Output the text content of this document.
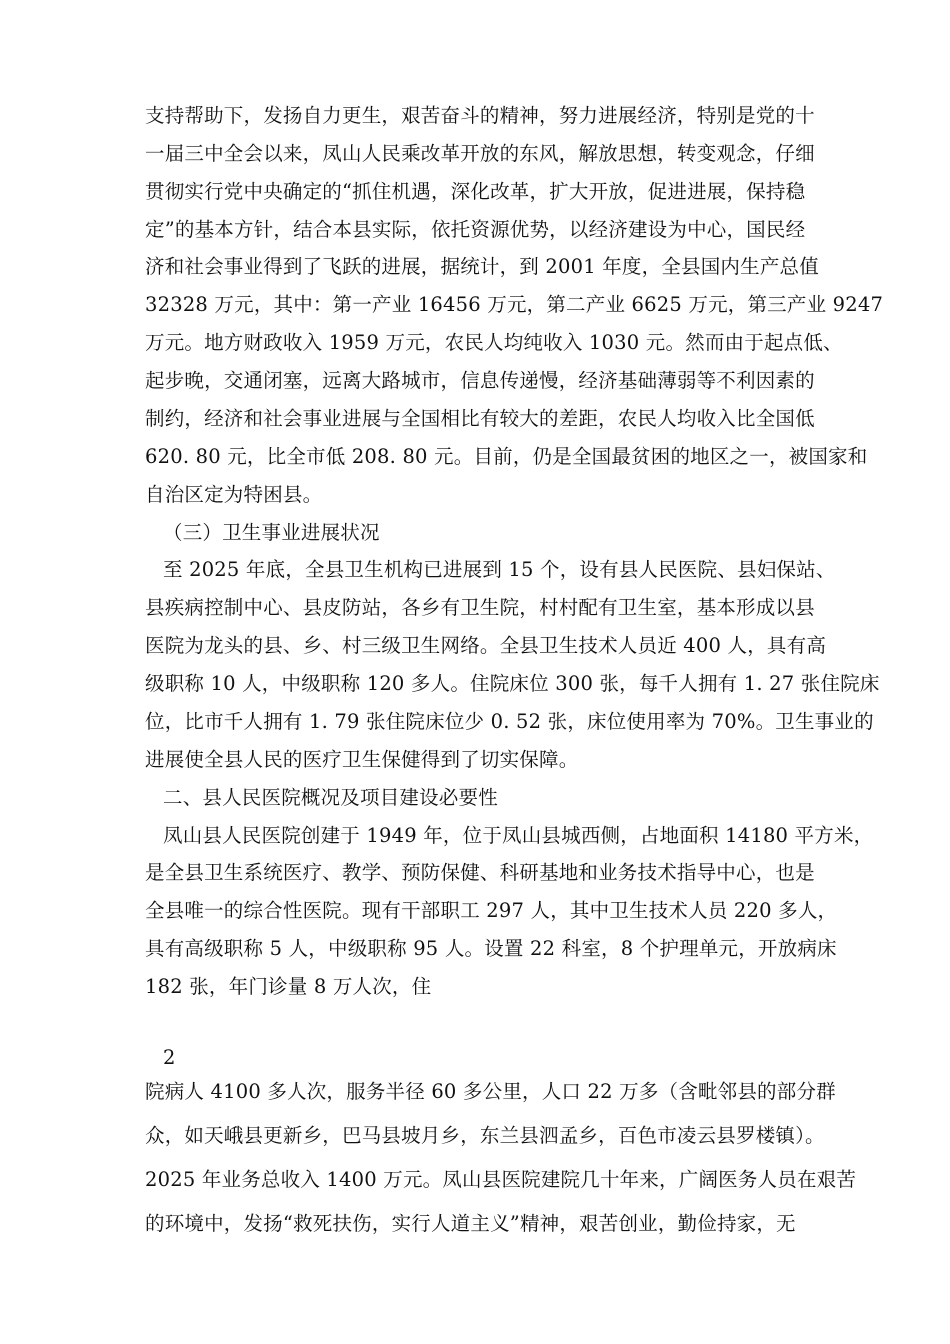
支持帮助下，发扬自力更生，艰苦奋斗的精神，努力进展经济，特别是党的十
一届三中全会以来，凤山人民乘改革开放的东风，解放思想，转变观念，仔细
贯彻实行党中央确定的“抓住机遇，深化改革，扩大开放，促进进展，保持稳
定”的基本方针，结合本县实际，依托资源优势，以经济建设为中心，国民经
济和社会事业得到了飞跃的进展，据统计，到 2001 年度，全县国内生产总值
32328 万元，其中：第一产业 16456 万元，第二产业 6625 万元，第三产业 9247
万元。地方财政收入 1959 万元，农民人均纯收入 1030 元。然而由于起点低、
起步晚，交通闭塞，远离大路城市，信息传递慢，经济基础薄弱等不利因素的
制约，经济和社会事业进展与全国相比有较大的差距，农民人均收入比全国低
620. 80 元，比全市低 208. 80 元。目前，仍是全国最贫困的地区之一，被国家和
自治区定为特困县。
（三）卫生事业进展状况
至 2025 年底，全县卫生机构已进展到 15 个，设有县人民医院、县妇保站、
县疾病控制中心、县皮防站，各乡有卫生院，村村配有卫生室，基本形成以县
医院为龙头的县、乡、村三级卫生网络。全县卫生技术人员近 400 人，具有高
级职称 10 人，中级职称 120 多人。住院床位 300 张，每千人拥有 1. 27 张住院床
位，比市千人拥有 1. 79 张住院床位少 0. 52 张，床位使用率为 70%。卫生事业的
进展使全县人民的医疗卫生保健得到了切实保障。
二、县人民医院概况及项目建设必要性
凤山县人民医院创建于 1949 年，位于凤山县城西侧，占地面积 14180 平方米，
是全县卫生系统医疗、教学、预防保健、科研基地和业务技术指导中心，也是
全县唯一的综合性医院。现有干部职工 297 人，其中卫生技术人员 220 多人，
具有高级职称 5 人，中级职称 95 人。设置 22 科室，8 个护理单元，开放病床
182 张，年门诊量 8 万人次，住
2
院病人 4100 多人次，服务半径 60 多公里，人口 22 万多（含毗邻县的部分群
众，如天峨县更新乡，巴马县坡月乡，东兰县泗孟乡，百色市凌云县罗楼镇）。
2025 年业务总收入 1400 万元。凤山县医院建院几十年来，广阔医务人员在艰苦
的环境中，发扬“救死扶伤，实行人道主义”精神，艰苦创业，勤俭持家，无
